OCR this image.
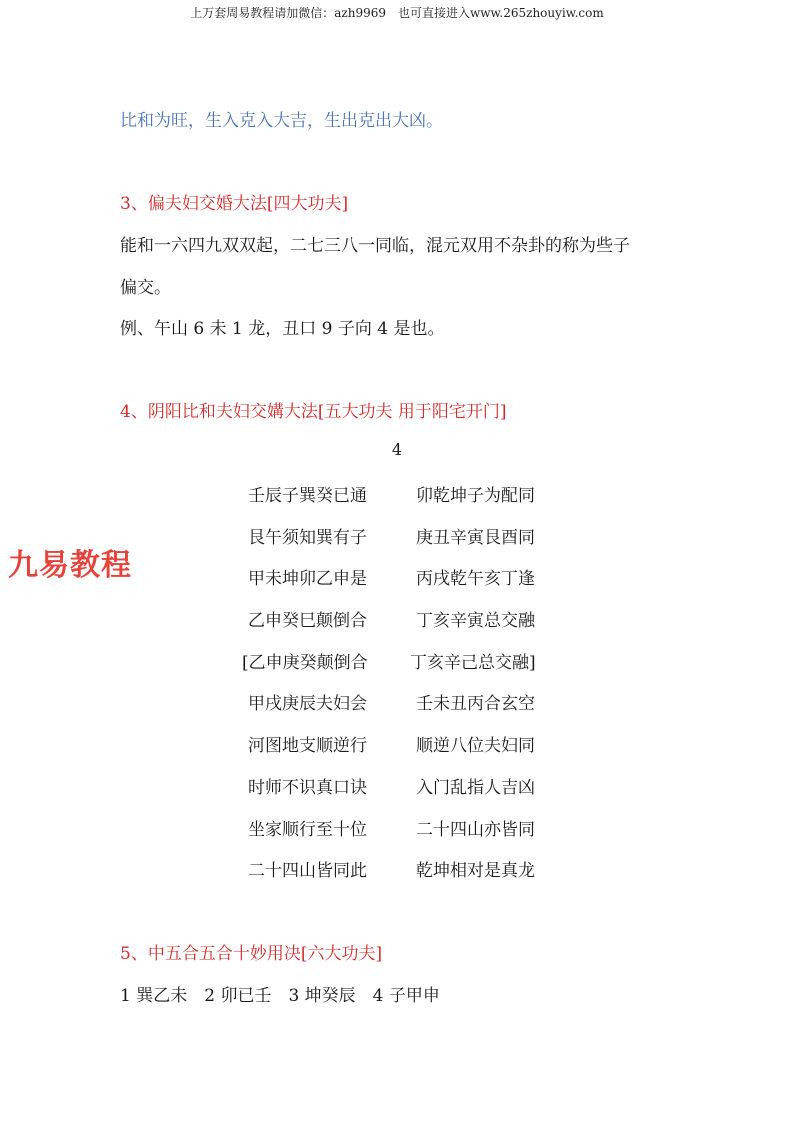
上万套周易教程请加微信：azh9969　也可直接进入www.265zhouyiw.com
比和为旺，生入克入大吉，生出克出大凶。
3、偏夫妇交婚大法[四大功夫]
能和一六四九双双起，二七三八一同临，混元双用不杂卦的称为些子
偏交。
例、午山 6 未 1 龙，丑口 9 子向 4 是也。
4、阴阳比和夫妇交媾大法[五大功夫 用于阳宅开门]
4
壬辰子巽癸已通	卯乾坤子为配同
艮午须知巽有子	庚丑辛寅艮酉同
甲未坤卯乙申是	丙戌乾午亥丁逢
乙申癸巳颠倒合	丁亥辛寅总交融
[乙申庚癸颠倒合 丁亥辛己总交融]
甲戌庚辰夫妇会	壬未丑丙合玄空
河图地支顺逆行	顺逆八位夫妇同
时师不识真口诀	入门乱指人吉凶
坐家顺行至十位	二十四山亦皆同
二十四山皆同此	乾坤相对是真龙
九易教程
5、中五合五合十妙用决[六大功夫]
1 巽乙未　2 卯已壬　3 坤癸辰　4 子甲申
